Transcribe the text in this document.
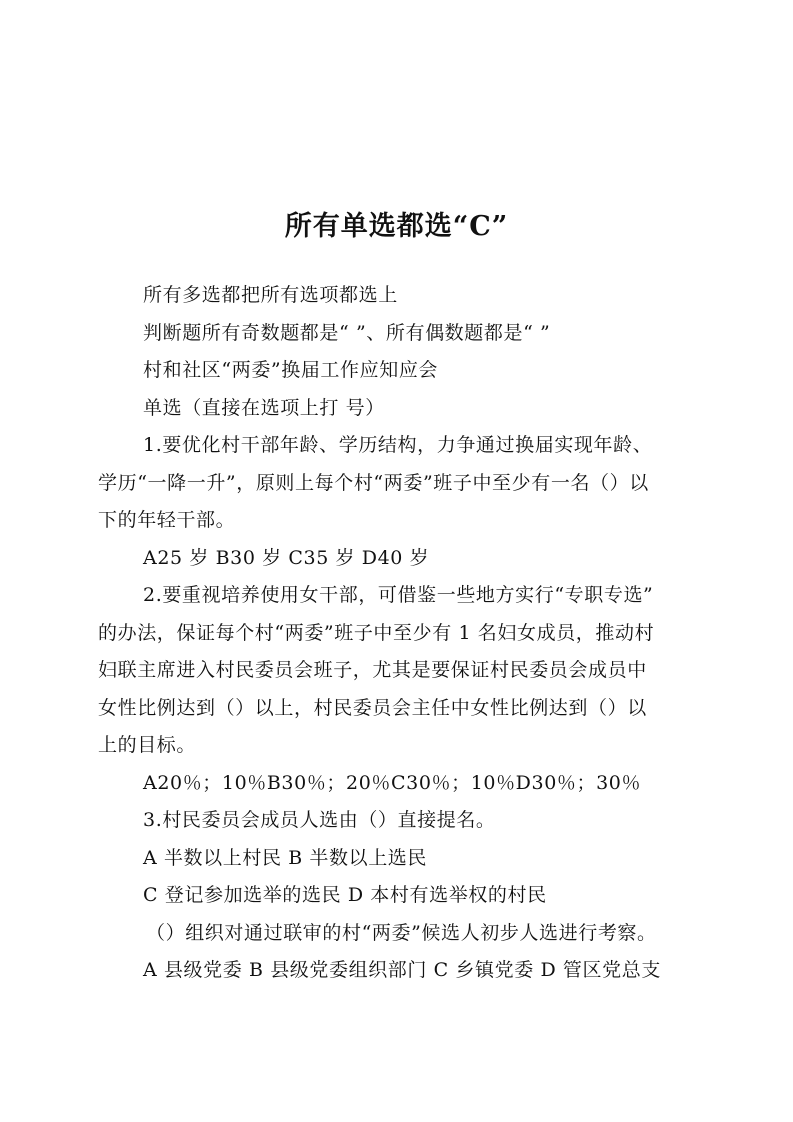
所有单选都选“C”
所有多选都把所有选项都选上
判断题所有奇数题都是“ ”、所有偶数题都是“ ”
村和社区“两委”换届工作应知应会
单选（直接在选项上打 号）
1.要优化村干部年龄、学历结构，力争通过换届实现年龄、
学历“一降一升”，原则上每个村“两委”班子中至少有一名（）以
下的年轻干部。
A25 岁 B30 岁 C35 岁 D40 岁
2.要重视培养使用女干部，可借鉴一些地方实行“专职专选”
的办法，保证每个村“两委”班子中至少有 1 名妇女成员，推动村
妇联主席进入村民委员会班子，尤其是要保证村民委员会成员中
女性比例达到（）以上，村民委员会主任中女性比例达到（）以
上的目标。
A20％；10％B30％；20％C30％；10％D30％；30％
3.村民委员会成员人选由（）直接提名。
A 半数以上村民 B 半数以上选民
C 登记参加选举的选民 D 本村有选举权的村民
（）组织对通过联审的村“两委”候选人初步人选进行考察。
A 县级党委 B 县级党委组织部门 C 乡镇党委 D 管区党总支
